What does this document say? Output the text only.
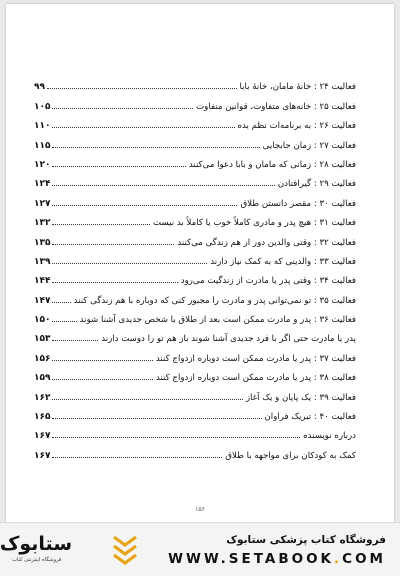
فعالیت ۲۴ : خانهٔ مامان، خانهٔ بابا
۹۹
فعالیت ۲۵ : خانه‌های متفاوت، قوانین متفاوت
۱۰۵
فعالیت ۲۶ : به برنامه‌ات نظم بده
۱۱۰
فعالیت ۲۷ : زمان جابجایی
۱۱۵
فعالیت ۲۸ : زمانی که مامان و بابا دعوا می‌کنند
۱۲۰
فعالیت ۲۹ : گیرافتادن
۱۲۴
فعالیت ۳۰ : مقصر دانستن طلاق
۱۲۷
فعالیت ۳۱ : هیچ پدر و مادری کاملاً خوب یا کاملاً بد نیست
۱۳۲
فعالیت ۳۲ : وقتی والدین دور از هم زندگی می‌کنند
۱۳۵
فعالیت ۳۳ : والدینی که به کمک نیاز دارند
۱۳۹
فعالیت ۳۴ : وقتی پدر یا مادرت از زندگیت می‌رود
۱۴۴
فعالیت ۳۵ : تو نمی‌توانی پدر و مادرت را مجبور کنی که دوباره با هم زندگی کنند
۱۴۷
فعالیت ۳۶ : پدر و مادرت ممکن است بعد از طلاق با شخص جدیدی آشنا شوند
۱۵۰
پدر یا مادرت حتی اگر با فرد جدیدی آشنا شوند باز هم تو را دوست دارند
۱۵۳
فعالیت ۳۷ : پدر یا مادرت ممکن است دوباره ازدواج کنند
۱۵۶
فعالیت ۳۸ : پدر یا مادرت ممکن است دوباره ازدواج کنند
۱۵۹
فعالیت ۳۹ : یک پایان و یک آغاز
۱۶۲
فعالیت ۴۰ : تبریک فراوان
۱۶۵
درباره نویسنده
۱۶۷
کمک به کودکان برای مواجهه با طلاق
۱۶۷
۱۵۶
ستابوک
فروشگاه اینترنتی کتاب
فروشگاه کتاب پزشکی ستابوک
WWW.SETABOOK.COM
